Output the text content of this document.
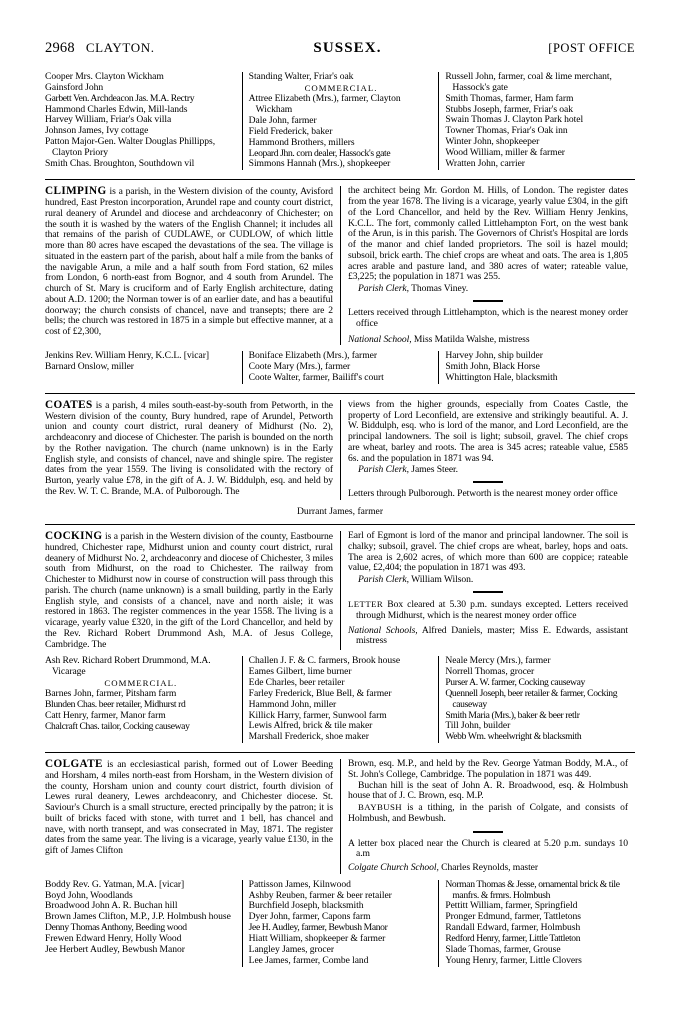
2968 CLAYTON.	SUSSEX.	[POST OFFICE
Cooper Mrs. Clayton Wickham
Gainsford John
Garbett Ven. Archdeacon Jas. M.A. Rectry
Hammond Charles Edwin, Mill-lands
Harvey William, Friar's Oak villa
Johnson James, Ivy cottage
Patton Major-Gen. Walter Douglas Phillipps, Clayton Priory
Smith Chas. Broughton, Southdown vil
Standing Walter, Friar's oak
COMMERCIAL.
Attree Elizabeth (Mrs.), farmer, Clayton Wickham
Dale John, farmer
Field Frederick, baker
Hammond Brothers, millers
Leopard Jhn. corn dealer, Hassock's gate
Simmons Hannah (Mrs.), shopkeeper
Russell John, farmer, coal & lime merchant, Hassock's gate
Smith Thomas, farmer, Ham farm
Stubbs Joseph, farmer, Friar's oak
Swain Thomas J. Clayton Park hotel
Towner Thomas, Friar's Oak inn
Winter John, shopkeeper
Wood William, miller & farmer
Wratten John, carrier

CLIMPING is a parish, in the Western division of the county, Avisford hundred, East Preston incorporation, Arundel rape and county court district, rural deanery of Arundel and diocese and archdeaconry of Chichester; on the south it is washed by the waters of the English Channel; it includes all that remains of the parish of CUDLAWE, or CUDLOW, of which little more than 80 acres have escaped the devastations of the sea. The village is situated in the eastern part of the parish, about half a mile from the banks of the navigable Arun, a mile and a half south from Ford station, 62 miles from London, 6 north-east from Bognor, and 4 south from Arundel. The church of St. Mary is cruciform and of Early English architecture, dating about A.D. 1200; the Norman tower is of an earlier date, and has a beautiful doorway; the church consists of chancel, nave and transepts; there are 2 bells; the church was restored in 1875 in a simple but effective manner, at a cost of £2,300,

the architect being Mr. Gordon M. Hills, of London. The register dates from the year 1678. The living is a vicarage, yearly value £304, in the gift of the Lord Chancellor, and held by the Rev. William Henry Jenkins, K.C.L. The fort, commonly called Littlehampton Fort, on the west bank of the Arun, is in this parish. The Governors of Christ's Hospital are lords of the manor and chief landed proprietors. The soil is hazel mould; subsoil, brick earth. The chief crops are wheat and oats. The area is 1,805 acres arable and pasture land, and 380 acres of water; rateable value, £3,225; the population in 1871 was 255.

Parish Clerk, Thomas Viney.
Letters received through Littlehampton, which is the nearest money order office
National School, Miss Matilda Walshe, mistress
Jenkins Rev. William Henry, K.C.L. [vicar]
Barnard Onslow, miller
Boniface Elizabeth (Mrs.), farmer
Coote Mary (Mrs.), farmer
Coote Walter, farmer, Bailiff's court
Harvey John, ship builder
Smith John, Black Horse
Whittington Hale, blacksmith

COATES is a parish, 4 miles south-east-by-south from Petworth, in the Western division of the county, Bury hundred, rape of Arundel, Petworth union and county court district, rural deanery of Midhurst (No. 2), archdeaconry and diocese of Chichester. The parish is bounded on the north by the Rother navigation. The church (name unknown) is in the Early English style, and consists of chancel, nave and shingle spire. The register dates from the year 1559. The living is consolidated with the rectory of Burton, yearly value £78, in the gift of A. J. W. Biddulph, esq. and held by the Rev. W. T. C. Brande, M.A. of Pulborough. The

views from the higher grounds, especially from Coates Castle, the property of Lord Leconfield, are extensive and strikingly beautiful. A. J. W. Biddulph, esq. who is lord of the manor, and Lord Leconfield, are the principal landowners. The soil is light; subsoil, gravel. The chief crops are wheat, barley and roots. The area is 345 acres; rateable value, £585 6s. and the population in 1871 was 94.

Parish Clerk, James Steer.
Letters through Pulborough. Petworth is the nearest money order office
Durrant James, farmer

COCKING is a parish in the Western division of the county, Eastbourne hundred, Chichester rape, Midhurst union and county court district, rural deanery of Midhurst No. 2, archdeaconry and diocese of Chichester, 3 miles south from Midhurst, on the road to Chichester. The railway from Chichester to Midhurst now in course of construction will pass through this parish. The church (name unknown) is a small building, partly in the Early English style, and consists of a chancel, nave and north aisle; it was restored in 1863. The register commences in the year 1558. The living is a vicarage, yearly value £320, in the gift of the Lord Chancellor, and held by the Rev. Richard Robert Drummond Ash, M.A. of Jesus College, Cambridge. The

Earl of Egmont is lord of the manor and principal landowner. The soil is chalky; subsoil, gravel. The chief crops are wheat, barley, hops and oats. The area is 2,602 acres, of which more than 600 are coppice; rateable value, £2,404; the population in 1871 was 493.

Parish Clerk, William Wilson.
LETTER Box cleared at 5.30 p.m. sundays excepted. Letters received through Midhurst, which is the nearest money order office
National Schools, Alfred Daniels, master; Miss E. Edwards, assistant mistress
Ash Rev. Richard Robert Drummond, M.A. Vicarage
COMMERCIAL.
Barnes John, farmer, Pitsham farm
Blunden Chas. beer retailer, Midhurst rd
Catt Henry, farmer, Manor farm
Chalcraft Chas. tailor, Cocking causeway
Challen J. F. & C. farmers, Brook house
Eames Gilbert, lime burner
Ede Charles, beer retailer
Farley Frederick, Blue Bell, & farmer
Hammond John, miller
Killick Harry, farmer, Sunwool farm
Lewis Alfred, brick & tile maker
Marshall Frederick, shoe maker
Neale Mercy (Mrs.), farmer
Norrell Thomas, grocer
Purser A. W. farmer, Cocking causeway
Quennell Joseph, beer retailer & farmer, Cocking causeway
Smith Maria (Mrs.), baker & beer retlr
Till John, builder
Webb Wm. wheelwright & blacksmith

COLGATE is an ecclesiastical parish, formed out of Lower Beeding and Horsham, 4 miles north-east from Horsham, in the Western division of the county, Horsham union and county court district, fourth division of Lewes rural deanery, Lewes archdeaconry, and Chichester diocese. St. Saviour's Church is a small structure, erected principally by the patron; it is built of bricks faced with stone, with turret and 1 bell, has chancel and nave, with north transept, and was consecrated in May, 1871. The register dates from the same year. The living is a vicarage, yearly value £130, in the gift of James Clifton

Brown, esq. M.P., and held by the Rev. George Yatman Boddy, M.A., of St. John's College, Cambridge. The population in 1871 was 449.

Buchan hill is the seat of John A. R. Broadwood, esq. & Holmbush house that of J. C. Brown, esq. M.P.

BAYBUSH is a tithing, in the parish of Colgate, and consists of Holmbush, and Bewbush.

A letter box placed near the Church is cleared at 5.20 p.m. sundays 10 a.m
Colgate Church School, Charles Reynolds, master
Boddy Rev. G. Yatman, M.A. [vicar]
Boyd John, Woodlands
Broadwood John A. R. Buchan hill
Brown James Clifton, M.P., J.P. Holmbush house
Denny Thomas Anthony, Beeding wood
Frewen Edward Henry, Holly Wood
Jee Herbert Audley, Bewbush Manor
Pattisson James, Kilnwood
Ashby Reuben, farmer & beer retailer
Burchfield Joseph, blacksmith
Dyer John, farmer, Capons farm
Jee H. Audley, farmer, Bewbush Manor
Hiatt William, shopkeeper & farmer
Langley James, grocer
Lee James, farmer, Combe land
Norman Thomas & Jesse, ornamental brick & tile manfrs. & frmrs. Holmbush
Pettitt William, farmer, Springfield
Pronger Edmund, farmer, Tattletons
Randall Edward, farmer, Holmbush
Redford Henry, farmer, Little Tattleton
Slade Thomas, farmer, Grouse
Young Henry, farmer, Little Clovers
